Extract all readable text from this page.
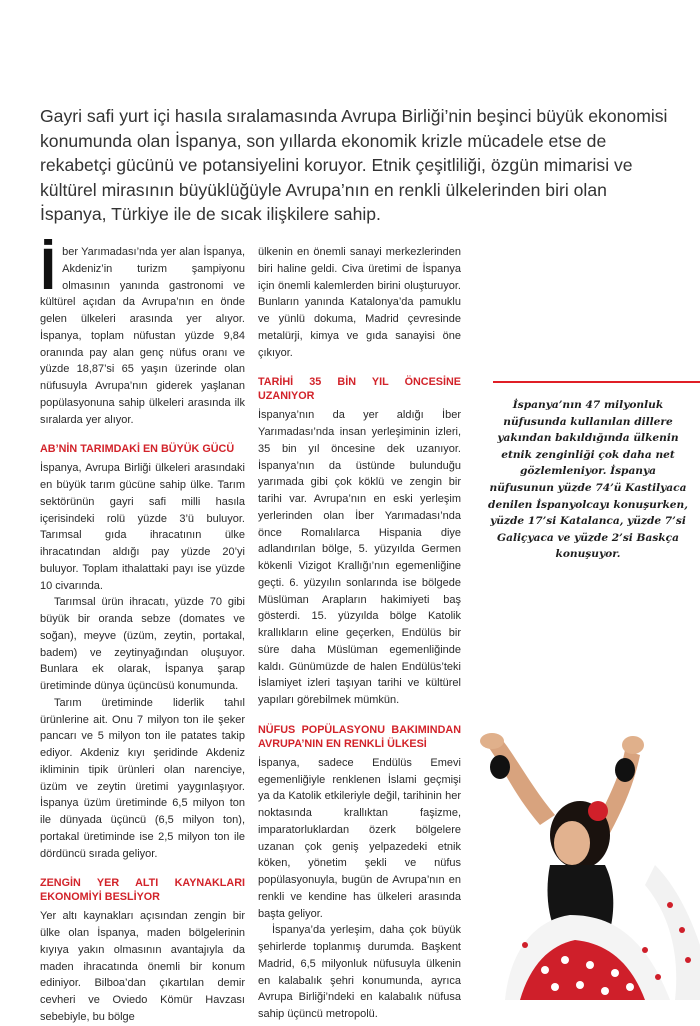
Gayri safi yurt içi hasıla sıralamasında Avrupa Birliği’nin beşinci büyük ekonomisi konumunda olan İspanya, son yıllarda ekonomik krizle mücadele etse de rekabetçi gücünü ve potansiyelini koruyor. Etnik çeşitliliği, özgün mimarisi ve kültürel mirasının büyüklüğüyle Avrupa’nın en renkli ülkelerinden biri olan İspanya, Türkiye ile de sıcak ilişkilere sahip.

İ ber Yarımadası’nda yer alan İspanya, Akdeniz’in turizm şampiyonu olmasının yanında gastronomi ve kültürel açıdan da Avrupa’nın en önde gelen ülkeleri arasında yer alıyor. İspanya, toplam nüfustan yüzde 9,84 oranında pay alan genç nüfus oranı ve yüzde 18,87’si 65 yaşın üzerinde olan nüfusuyla Avrupa’nın giderek yaşlanan popülasyonuna sahip ülkeleri arasında ilk sıralarda yer alıyor.

AB’NİN TARIMDAKİ EN BÜYÜK GÜCÜ

İspanya, Avrupa Birliği ülkeleri arasındaki en büyük tarım gücüne sahip ülke. Tarım sektörünün gayri safi milli hasıla içerisindeki rolü yüzde 3’ü buluyor. Tarımsal gıda ihracatının ülke ihracatından aldığı pay yüzde 20’yi buluyor. Toplam ithalattaki payı ise yüzde 10 civarında.

Tarımsal ürün ihracatı, yüzde 70 gibi büyük bir oranda sebze (domates ve soğan), meyve (üzüm, zeytin, portakal, badem) ve zeytinyağından oluşuyor. Bunlara ek olarak, İspanya şarap üretiminde dünya üçüncüsü konumunda.

Tarım üretiminde liderlik tahıl ürünlerine ait. Onu 7 milyon ton ile şeker pancarı ve 5 milyon ton ile patates takip ediyor. Akdeniz kıyı şeridinde Akdeniz ikliminin tipik ürünleri olan narenciye, üzüm ve zeytin üretimi yaygınlaşıyor. İspanya üzüm üretiminde 6,5 milyon ton ile dünyada üçüncü (6,5 milyon ton), portakal üretiminde ise 2,5 milyon ton ile dördüncü sırada geliyor.

ZENGİN YER ALTI KAYNAKLARI EKONOMİYİ BESLİYOR

Yer altı kaynakları açısından zengin bir ülke olan İspanya, maden bölgelerinin kıyıya yakın olmasının avantajıyla da maden ihracatında önemli bir konum ediniyor. Bilboa’dan çıkartılan demir cevheri ve Oviedo Kömür Havzası sebebiyle, bu bölge

ülkenin en önemli sanayi merkezlerinden biri haline geldi. Civa üretimi de İspanya için önemli kalemlerden birini oluşturuyor. Bunların yanında Katalonya’da pamuklu ve yünlü dokuma, Madrid çevresinde metalürji, kimya ve gıda sanayisi öne çıkıyor.

TARİHİ 35 BİN YIL ÖNCESİNE UZANIYOR

İspanya’nın da yer aldığı İber Yarımadası’nda insan yerleşiminin izleri, 35 bin yıl öncesine dek uzanıyor. İspanya’nın da üstünde bulunduğu yarımada gibi çok köklü ve zengin bir tarihi var. Avrupa’nın en eski yerleşim yerlerinden olan İber Yarımadası’nda önce Romalılarca Hispania diye adlandırılan bölge, 5. yüzyılda Germen kökenli Vizigot Krallığı’nın egemenliğine geçti. 6. yüzyılın sonlarında ise bölgede Müslüman Arapların hakimiyeti baş gösterdi. 15. yüzyılda bölge Katolik krallıkların eline geçerken, Endülüs bir süre daha Müslüman egemenliğinde kaldı. Günümüzde de halen Endülüs’teki İslamiyet izleri taşıyan tarihi ve kültürel yapıları görebilmek mümkün.

NÜFUS POPÜLASYONU BAKIMINDAN AVRUPA’NIN EN RENKLİ ÜLKESİ

İspanya, sadece Endülüs Emevi egemenliğiyle renklenen İslami geçmişi ya da Katolik etkileriyle değil, tarihinin her noktasında krallıktan faşizme, imparatorluklardan özerk bölgelere uzanan çok geniş yelpazedeki etnik köken, yönetim şekli ve nüfus popülasyonuyla, bugün de Avrupa’nın en renkli ve kendine has ülkeleri arasında başta geliyor.

İspanya’da yerleşim, daha çok büyük şehirlerde toplanmış durumda. Başkent Madrid, 6,5 milyonluk nüfusuyla ülkenin en kalabalık şehri konumunda, ayrıca Avrupa Birliği’ndeki en kalabalık nüfusa sahip üçüncü metropolü.

İspanya’nın 47 milyonluk nüfusunda kullanılan dillere yakından bakıldığında ülkenin etnik zenginliği çok daha net gözlemleniyor. İspanya nüfusunun yüzde 74’ü Kastilyaca denilen İspanyolcayı konuşurken, yüzde 17’si Katalanca, yüzde 7’si Galiçyaca ve yüzde 2’si Baskça konuşuyor.
